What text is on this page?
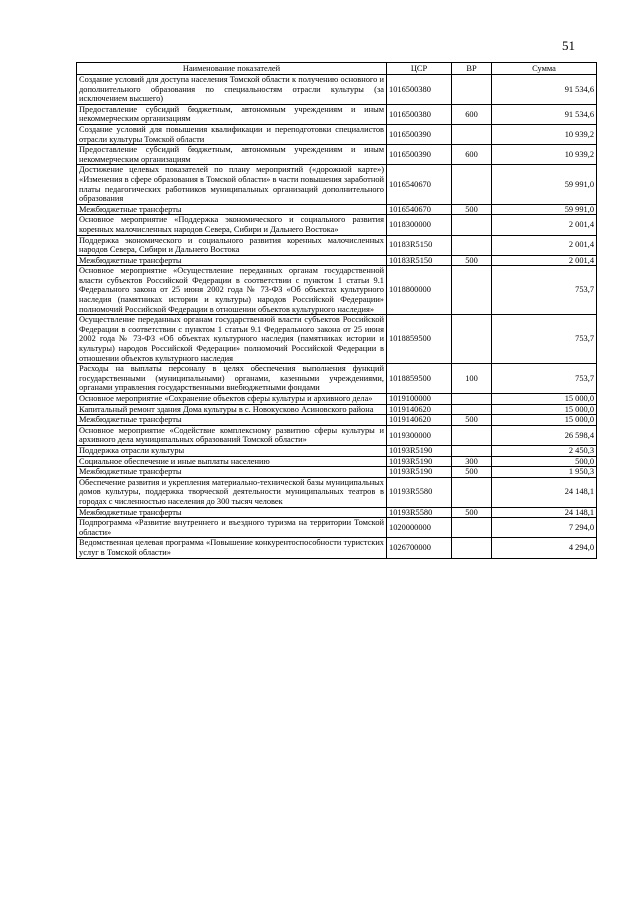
51
Наименование показателей	ЦСР	ВР	Сумма
Создание условий для доступа населения Томской области к получению основного и дополнительного образования по специальностям отрасли культуры (за исключением высшего)	1016500380		91 534,6
Предоставление субсидий бюджетным, автономным учреждениям и иным некоммерческим организациям	1016500380	600	91 534,6
Создание условий для повышения квалификации и переподготовки специалистов отрасли культуры Томской области	1016500390		10 939,2
Предоставление субсидий бюджетным, автономным учреждениям и иным некоммерческим организациям	1016500390	600	10 939,2
Достижение целевых показателей по плану мероприятий («дорожной карте») «Изменения в сфере образования в Томской области» в части повышения заработной платы педагогических работников муниципальных организаций дополнительного образования	1016540670		59 991,0
Межбюджетные трансферты	1016540670	500	59 991,0
Основное мероприятие «Поддержка экономического и социального развития коренных малочисленных народов Севера, Сибири и Дальнего Востока»	1018300000		2 001,4
Поддержка экономического и социального развития коренных малочисленных народов Севера, Сибири и Дальнего Востока	10183R5150		2 001,4
Межбюджетные трансферты	10183R5150	500	2 001,4
Основное мероприятие «Осуществление переданных органам государственной власти субъектов Российской Федерации в соответствии с пунктом 1 статьи 9.1 Федерального закона от 25 июня 2002 года № 73-ФЗ «Об объектах культурного наследия (памятниках истории и культуры) народов Российской Федерации» полномочий Российской Федерации в отношении объектов культурного наследия»	1018800000		753,7
Осуществление переданных органам государственной власти субъектов Российской Федерации в соответствии с пунктом 1 статьи 9.1 Федерального закона от 25 июня 2002 года № 73-ФЗ «Об объектах культурного наследия (памятниках истории и культуры) народов Российской Федерации» полномочий Российской Федерации в отношении объектов культурного наследия	1018859500		753,7
Расходы на выплаты персоналу в целях обеспечения выполнения функций государственными (муниципальными) органами, казенными учреждениями, органами управления государственными внебюджетными фондами	1018859500	100	753,7
Основное мероприятие «Сохранение объектов сферы культуры и архивного дела»	1019100000		15 000,0
Капитальный ремонт здания Дома культуры в с. Новокусково Асиновского района	1019140620		15 000,0
Межбюджетные трансферты	1019140620	500	15 000,0
Основное мероприятие «Содействие комплексному развитию сферы культуры и архивного дела муниципальных образований Томской области»	1019300000		26 598,4
Поддержка отрасли культуры	10193R5190		2 450,3
Социальное обеспечение и иные выплаты населению	10193R5190	300	500,0
Межбюджетные трансферты	10193R5190	500	1 950,3
Обеспечение развития и укрепления материально-технической базы муниципальных домов культуры, поддержка творческой деятельности муниципальных театров в городах с численностью населения до 300 тысяч человек	10193R5580		24 148,1
Межбюджетные трансферты	10193R5580	500	24 148,1
Подпрограмма «Развитие внутреннего и въездного туризма на территории Томской области»	1020000000		7 294,0
Ведомственная целевая программа «Повышение конкурентоспособности туристских услуг в Томской области»	1026700000		4 294,0
